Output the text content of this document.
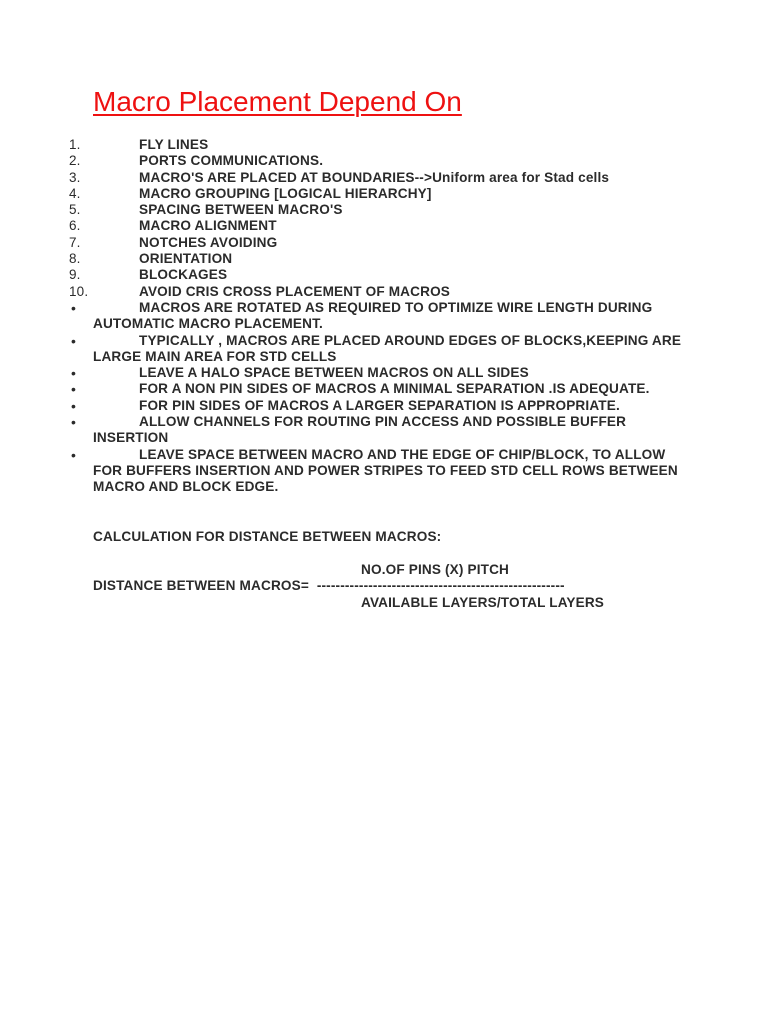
Macro Placement Depend On
1.	FLY LINES
2.	PORTS COMMUNICATIONS.
3.	MACRO'S ARE PLACED AT BOUNDARIES-->Uniform area for Stad cells
4.	MACRO GROUPING [LOGICAL HIERARCHY]
5.	SPACING BETWEEN MACRO'S
6.	MACRO ALIGNMENT
7.	NOTCHES AVOIDING
8.	ORIENTATION
9.	BLOCKAGES
10.	AVOID CRIS CROSS PLACEMENT OF MACROS
•	MACROS ARE ROTATED AS REQUIRED TO OPTIMIZE WIRE LENGTH DURING AUTOMATIC MACRO PLACEMENT.
•	TYPICALLY , MACROS ARE PLACED AROUND EDGES OF BLOCKS,KEEPING ARE LARGE MAIN AREA FOR STD CELLS
•	LEAVE A HALO SPACE BETWEEN MACROS ON ALL SIDES
•	FOR A NON PIN SIDES OF MACROS A MINIMAL SEPARATION .IS ADEQUATE.
•	FOR PIN SIDES OF MACROS A LARGER SEPARATION IS APPROPRIATE.
•	ALLOW CHANNELS FOR ROUTING PIN ACCESS AND POSSIBLE BUFFER INSERTION
•	LEAVE SPACE BETWEEN MACRO AND THE EDGE OF CHIP/BLOCK, TO ALLOW FOR BUFFERS INSERTION AND POWER STRIPES TO FEED STD CELL ROWS BETWEEN MACRO AND BLOCK EDGE.
CALCULATION FOR DISTANCE BETWEEN MACROS:
NO.OF PINS (X) PITCH
DISTANCE BETWEEN MACROS= -----------------------------------------------------
AVAILABLE LAYERS/TOTAL LAYERS
